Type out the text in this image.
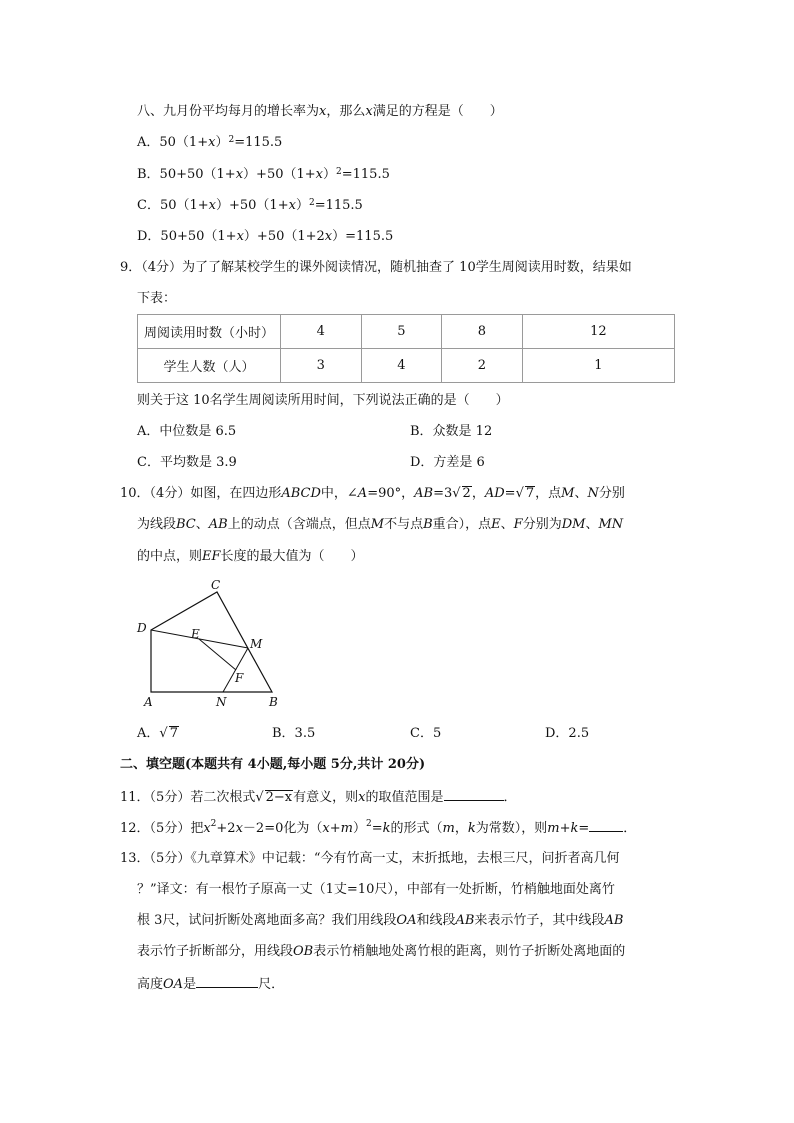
八、九月份平均每月的增长率为x，那么x满足的方程是（　　）
A．$50(1+x)^2=115.5$
B．$50+50(1+x)+50(1+x)^2=115.5$
C．$50(1+x)+50(1+x)^2=115.5$
D．50+50（1+x）+50（1+2x）=115.5
9．（4分）为了了解某校学生的课外阅读情况，随机抽查了 10学生周阅读用时数，结果如
下表：
周阅读用时数（小时）	4	5	8	12
学生人数（人）	3	4	2	1
则关于这 10名学生周阅读所用时间，下列说法正确的是（　　）
A．中位数是 6.5	B．众数是 12
C．平均数是 3.9	D．方差是 6
10．（4分）如图，在四边形ABCD中，∠A=90°，AB=3√ 2，AD=√ 7，点M、N分别
为线段BC、AB上的动点（含端点，但点M不与点B重合），点E、F分别为DM、MN
的中点，则EF长度的最大值为（　　）
C
D	E
M
F
A	N	B
A．√ 7	B．3.5	C．5	D．2.5
二、填空题(本题共有 4小题,每小题 5分,共计 20分)
11．（5分）若二次根式√ 2−x有意义，则x的取值范围是	．
12．（5分）把$x^2+2x-2=0$化为$(x+m)^2=k$的形式（m，k为常数），则m+k=	．
13．（5分）《九章算术》中记载：“今有竹高一丈，末折抵地，去根三尺，问折者高几何
？”译文：有一根竹子原高一丈（1丈=10尺），中部有一处折断，竹梢触地面处离竹
根 3尺，试问折断处离地面多高？我们用线段OA和线段AB来表示竹子，其中线段AB
表示竹子折断部分，用线段OB表示竹梢触地处离竹根的距离，则竹子折断处离地面的
高度OA是	尺．
